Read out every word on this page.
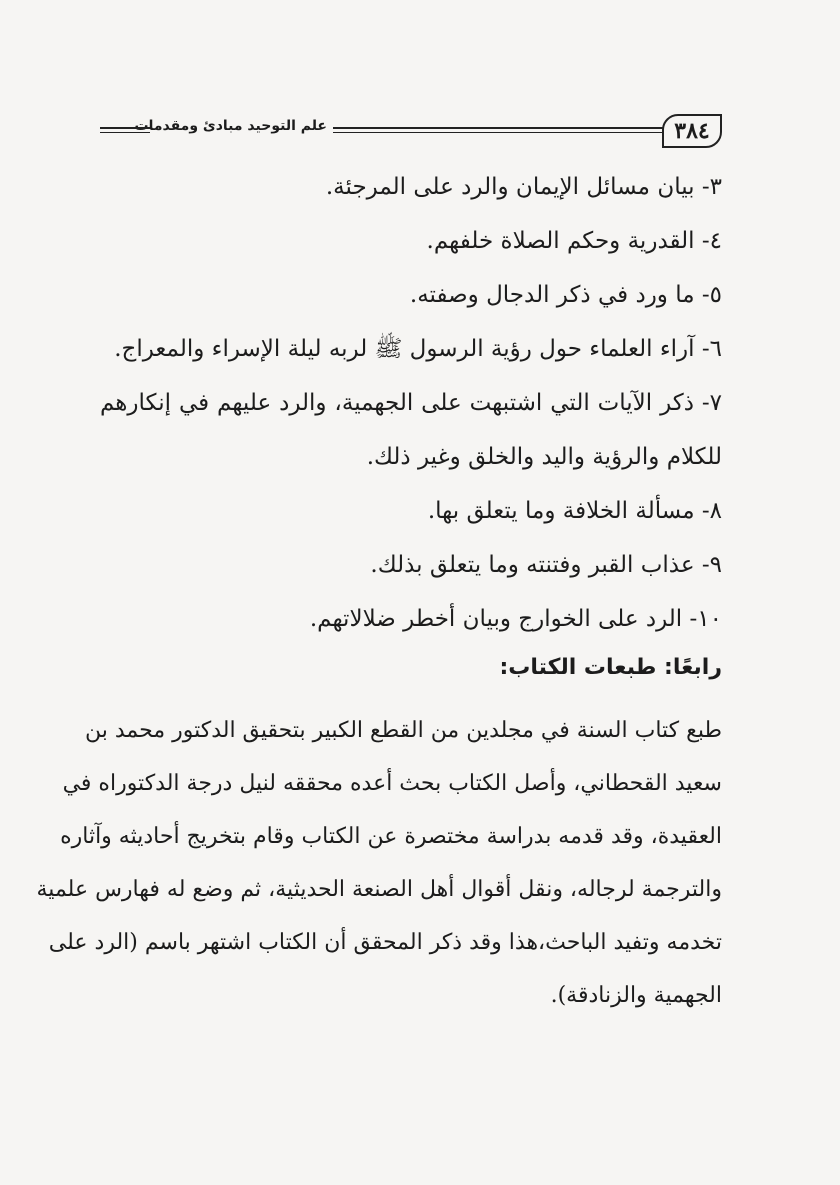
٣٨٤
علم التوحيد مبادئ ومقدمات

٣- بيان مسائل الإيمان والرد على المرجئة.

٤- القدرية وحكم الصلاة خلفهم.

٥- ما ورد في ذكر الدجال وصفته.

٦- آراء العلماء حول رؤية الرسول ﷺ لربه ليلة الإسراء والمعراج.

٧- ذكر الآيات التي اشتبهت على الجهمية، والرد عليهم في إنكارهم

للكلام والرؤية واليد والخلق وغير ذلك.

٨- مسألة الخلافة وما يتعلق بها.

٩- عذاب القبر وفتنته وما يتعلق بذلك.

١٠- الرد على الخوارج وبيان أخطر ضلالاتهم.

رابعًا: طبعات الكتاب:

طبع كتاب السنة في مجلدين من القطع الكبير بتحقيق الدكتور محمد بن

سعيد القحطاني، وأصل الكتاب بحث أعده محققه لنيل درجة الدكتوراه في

العقيدة، وقد قدمه بدراسة مختصرة عن الكتاب وقام بتخريج أحاديثه وآثاره

والترجمة لرجاله، ونقل أقوال أهل الصنعة الحديثية، ثم وضع له فهارس علمية

تخدمه وتفيد الباحث،هذا وقد ذكر المحقق أن الكتاب اشتهر باسم (الرد على

الجهمية والزنادقة).
